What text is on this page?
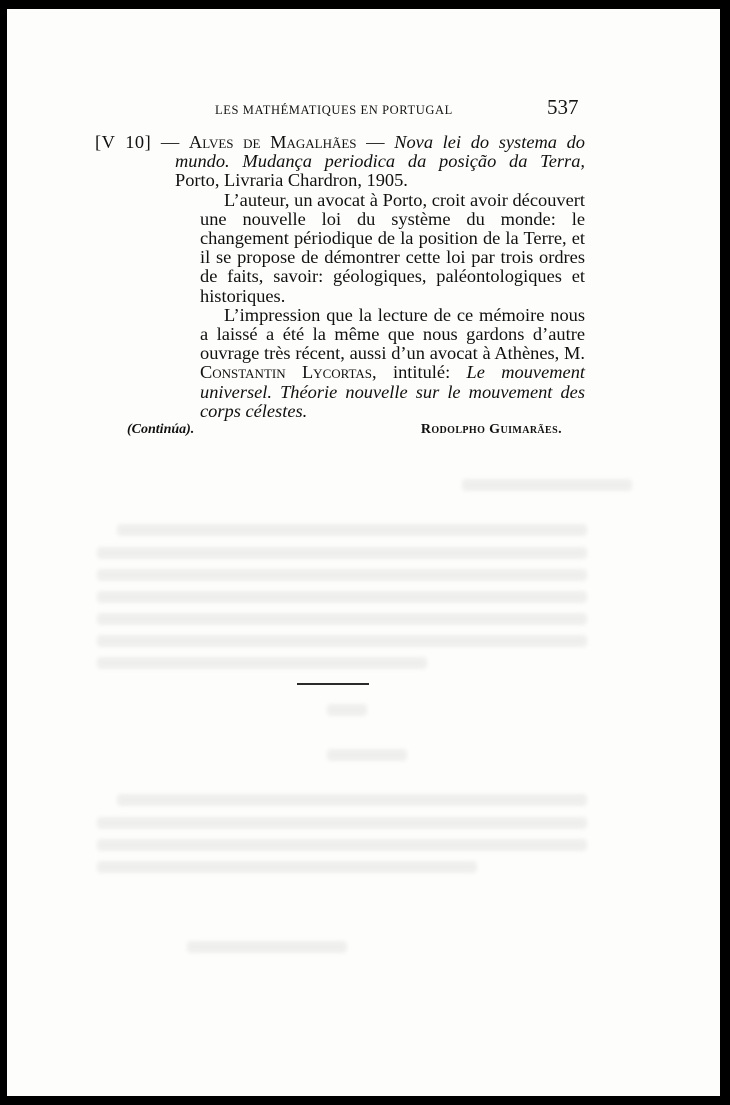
LES MATHÉMATIQUES EN PORTUGAL	537

[V 10] — Alves de Magalhães — Nova lei do systema do mundo. Mudança periodica da posição da Terra, Porto, Livraria Chardron, 1905.

L’auteur, un avocat à Porto, croit avoir découvert une nouvelle loi du système du monde: le changement périodique de la position de la Terre, et il se propose de démontrer cette loi par trois ordres de faits, savoir: géologiques, paléontologiques et historiques.

L’impression que la lecture de ce mémoire nous a laissé a été la même que nous gardons d’autre ouvrage très récent, aussi d’un avocat à Athènes, M. Constantin Lycortas, intitulé: Le mouvement universel. Théorie nouvelle sur le mouvement des corps célestes.

(Continúa).	Rodolpho Guimarães.
